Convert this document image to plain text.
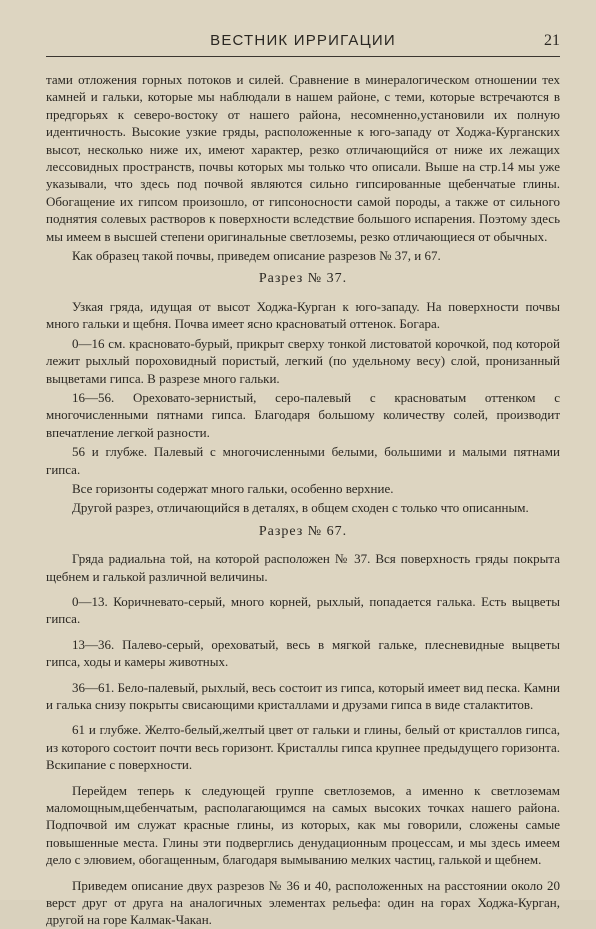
ВЕСТНИК ИРРИГАЦИИ	21

тами отложения горных потоков и силей. Сравнение в минералогическом отношении тех камней и гальки, которые мы наблюдали в нашем районе, с теми, которые встречаются в предгорьях к северо-востоку от нашего района, несомненно,установили их полную идентичность. Высокие узкие гряды, расположенные к юго-западу от Ходжа-Курганских высот, несколько ниже их, имеют характер, резко отличающийся от ниже их лежащих лессовидных пространств, почвы которых мы только что описали. Выше на стр.14 мы уже указывали, что здесь под почвой являются сильно гипсированные щебенчатые глины. Обогащение их гипсом произошло, от гипсоносности самой породы, а также от сильного поднятия солевых растворов к поверхности вследствие большого испарения. Поэтому здесь мы имеем в высшей степени оригинальные светлоземы, резко отличающиеся от обычных.

Как образец такой почвы, приведем описание разрезов № 37, и 67.

Разрез № 37.

Узкая гряда, идущая от высот Ходжа-Курган к юго-западу. На поверхности почвы много гальки и щебня. Почва имеет ясно красноватый оттенок. Богара.

0—16 см. красновато-бурый, прикрыт сверху тонкой листоватой корочкой, под которой лежит рыхлый пороховидный пористый, легкий (по удельному весу) слой, пронизанный выцветами гипса. В разрезе много гальки.

16—56. Ореховато-зернистый, серо-палевый с красноватым оттенком с многочисленными пятнами гипса. Благодаря большому количеству солей, производит впечатление легкой разности.

56 и глубже. Палевый с многочисленными белыми, большими и малыми пятнами гипса.

Все горизонты содержат много гальки, особенно верхние.

Другой разрез, отличающийся в деталях, в общем сходен с только что описанным.

Разрез № 67.

Гряда радиальна той, на которой расположен № 37. Вся поверхность гряды покрыта щебнем и галькой различной величины.

0—13. Коричневато-серый, много корней, рыхлый, попадается галька. Есть выцветы гипса.

13—36. Палево-серый, ореховатый, весь в мягкой гальке, плесневидные выцветы гипса, ходы и камеры животных.

36—61. Бело-палевый, рыхлый, весь состоит из гипса, который имеет вид песка. Камни и галька снизу покрыты свисающими кристаллами и друзами гипса в виде сталактитов.

61 и глубже. Желто-белый,желтый цвет от гальки и глины, белый от кристаллов гипса, из которого состоит почти весь горизонт. Кристаллы гипса крупнее предыдущего горизонта. Вскипание с поверхности.

Перейдем теперь к следующей группе светлоземов, а именно к светлоземам маломощным,щебенчатым, располагающимся на самых высоких точках нашего района. Подпочвой им служат красные глины, из которых, как мы говорили, сложены самые повышенные места. Глины эти подверглись денудационным процессам, и мы здесь имеем дело с элювием, обогащенным, благодаря вымыванию мелких частиц, галькой и щебнем.

Приведем описание двух разрезов № 36 и 40, расположенных на расстоянии около 20 верст друг от друга на аналогичных элементах рельефа: один на горах Ходжа-Курган, другой на горе Калмак-Чакан.
